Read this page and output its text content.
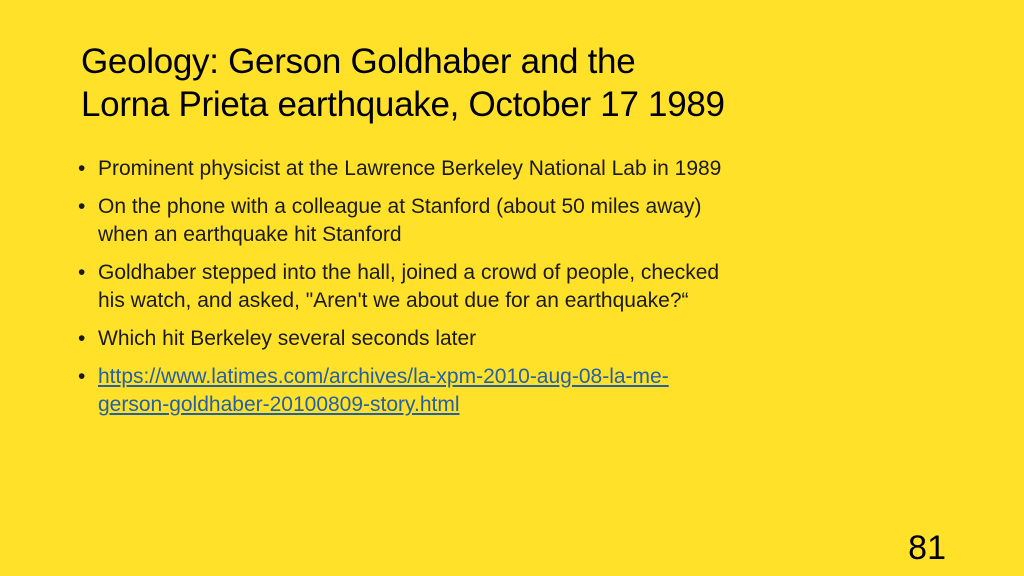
Geology: Gerson Goldhaber and the
Lorna Prieta earthquake, October 17 1989
• Prominent physicist at the Lawrence Berkeley National Lab in 1989
• On the phone with a colleague at Stanford (about 50 miles away)
when an earthquake hit Stanford
• Goldhaber stepped into the hall, joined a crowd of people, checked
his watch, and asked, "Aren't we about due for an earthquake?“
• Which hit Berkeley several seconds later
• https://www.latimes.com/archives/la-xpm-2010-aug-08-la-me-
gerson-goldhaber-20100809-story.html
81
